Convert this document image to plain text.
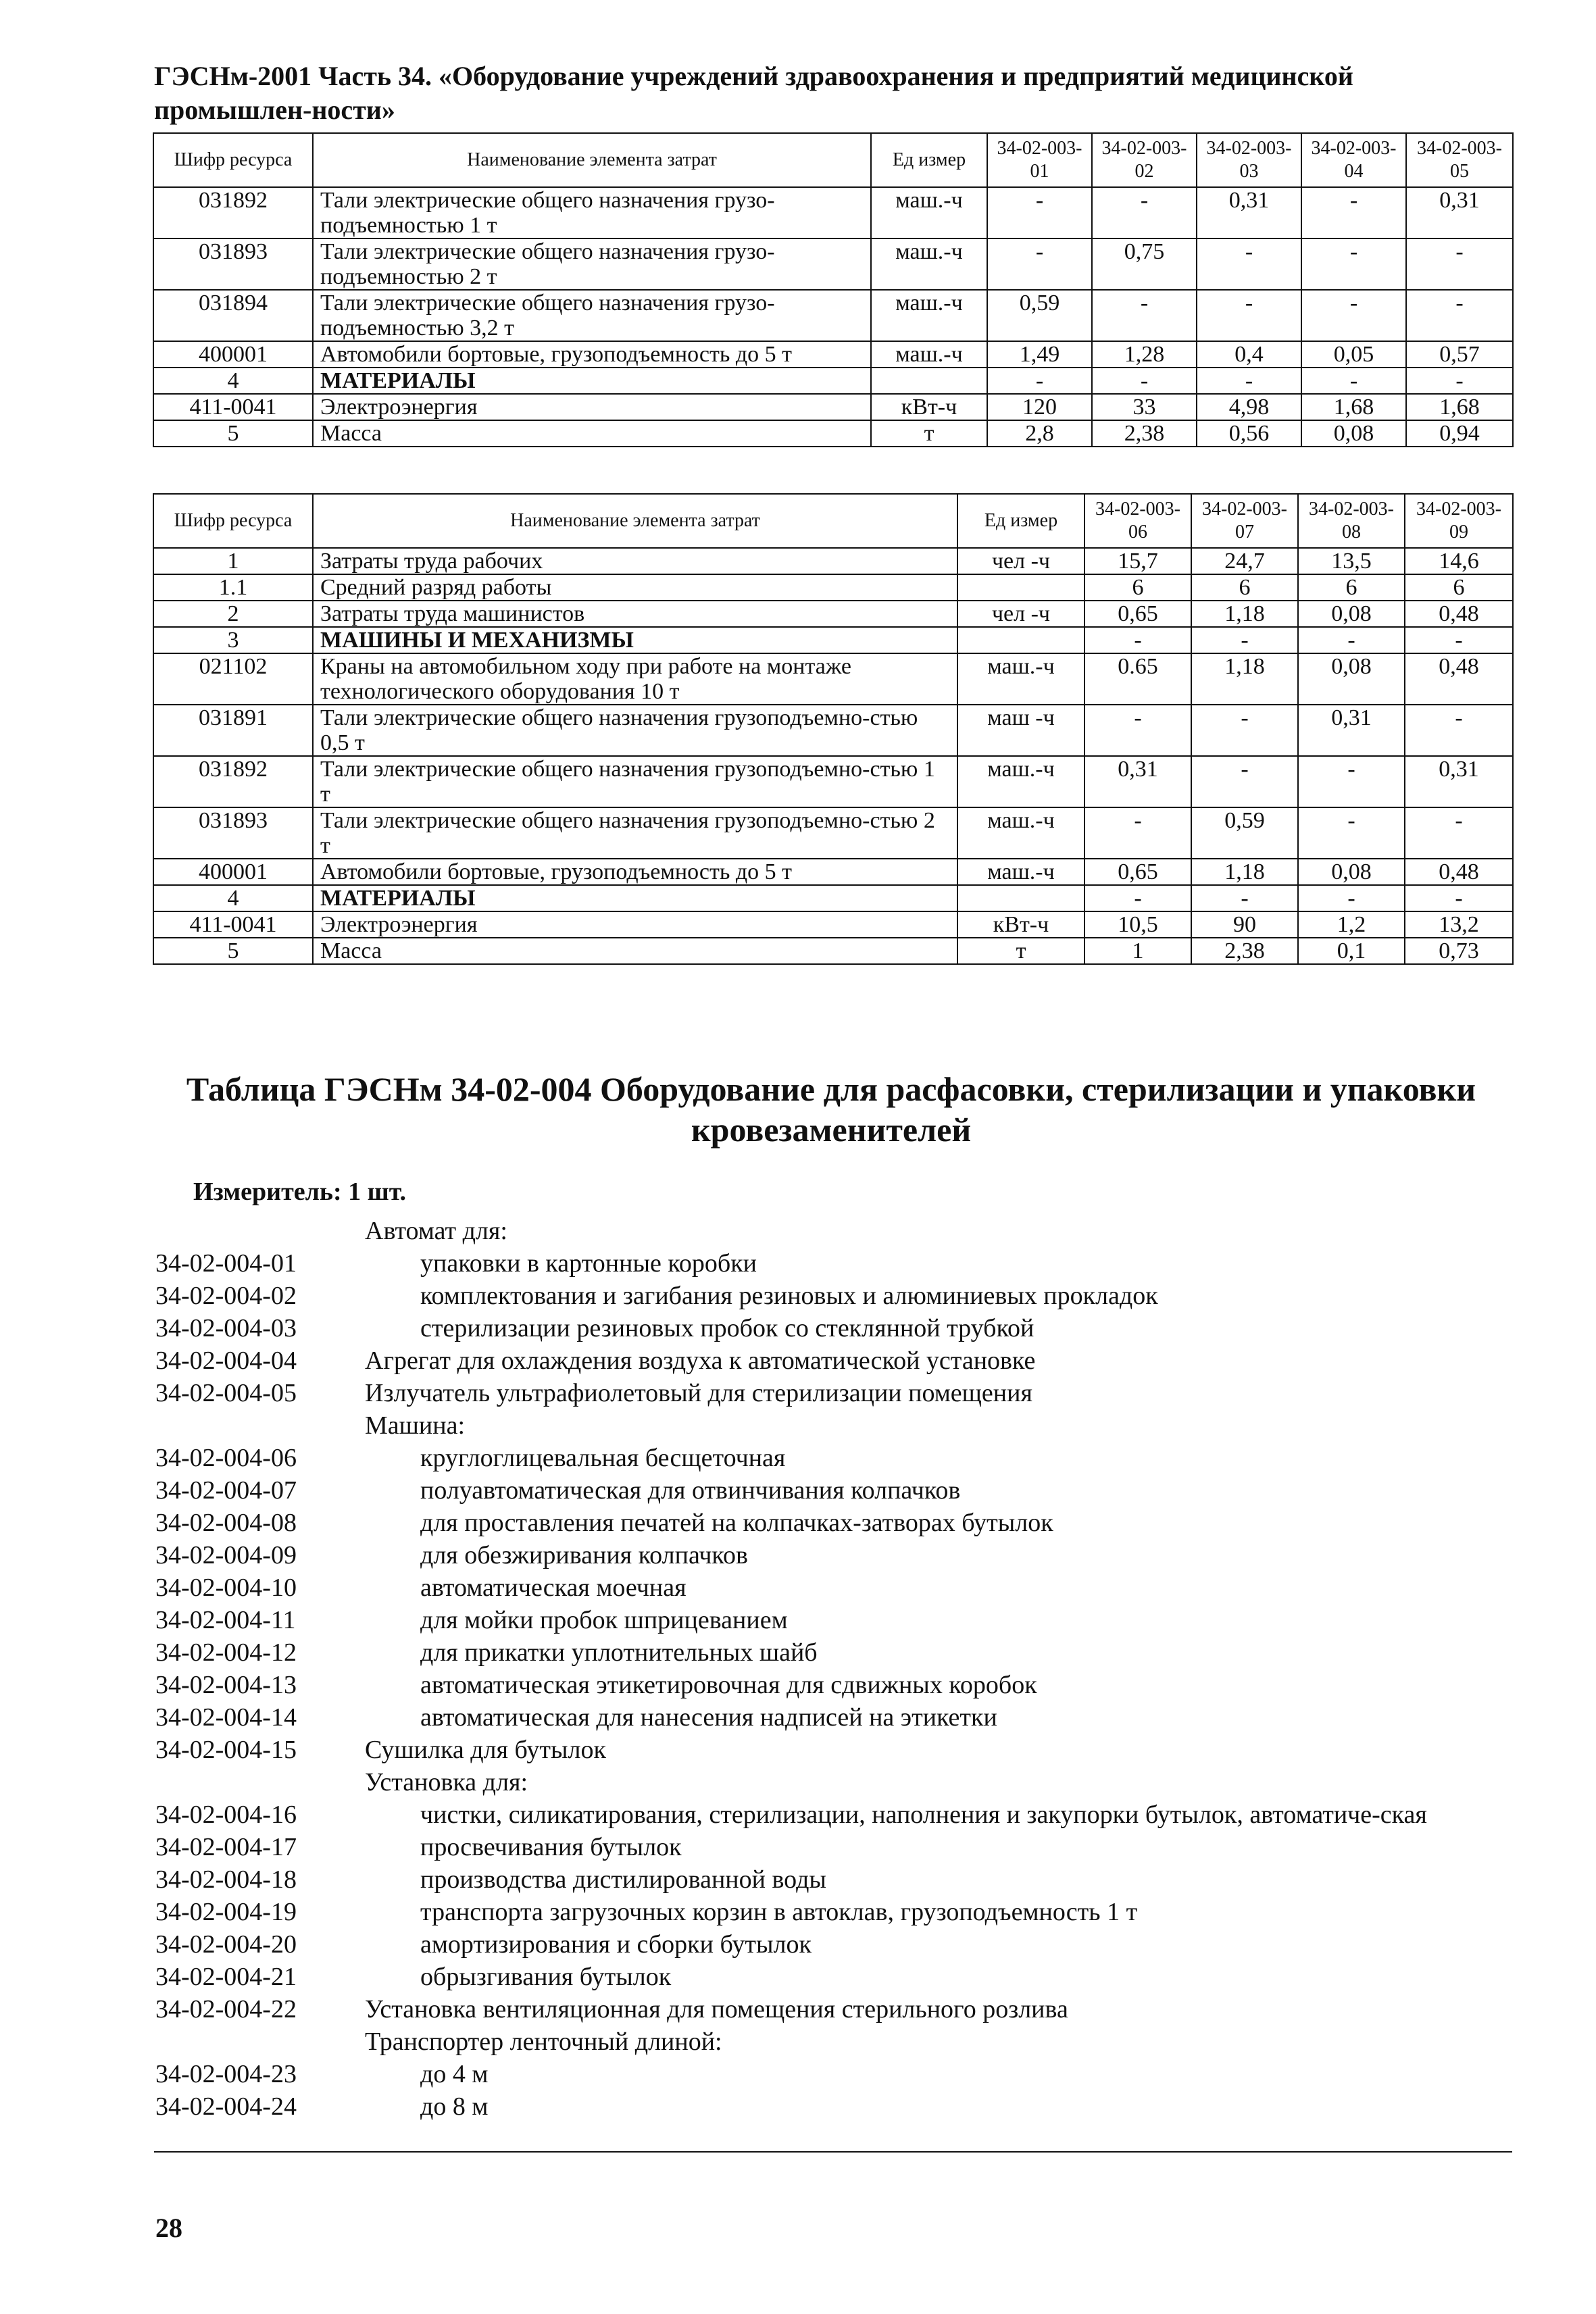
ГЭСНм-2001 Часть 34. «Оборудование учреждений здравоохранения и предприятий медицинской промышлен-ности»
Шифр ресурса	Наименование элемента затрат	Ед измер	34-02-003-01	34-02-003-02	34-02-003-03	34-02-003-04	34-02-003-05
031892	Тали электрические общего назначения грузо-подъемностью 1 т	маш.-ч	-	-	0,31	-	0,31
031893	Тали электрические общего назначения грузо-подъемностью 2 т	маш.-ч	-	0,75	-	-	-
031894	Тали электрические общего назначения грузо-подъемностью 3,2 т	маш.-ч	0,59	-	-	-	-
400001	Автомобили бортовые, грузоподъемность до 5 т	маш.-ч	1,49	1,28	0,4	0,05	0,57
4	МАТЕРИАЛЫ		-	-	-	-	-
411-0041	Электроэнергия	кВт-ч	120	33	4,98	1,68	1,68
5	Масса	т	2,8	2,38	0,56	0,08	0,94
Шифр ресурса	Наименование элемента затрат	Ед измер	34-02-003-06	34-02-003-07	34-02-003-08	34-02-003-09
1	Затраты труда рабочих	чел -ч	15,7	24,7	13,5	14,6
1.1	Средний разряд работы		6	6	6	6
2	Затраты труда машинистов	чел -ч	0,65	1,18	0,08	0,48
3	МАШИНЫ И МЕХАНИЗМЫ		-	-	-	-
021102	Краны на автомобильном ходу при работе на монтаже технологического оборудования 10 т	маш.-ч	0.65	1,18	0,08	0,48
031891	Тали электрические общего назначения грузоподъемно-стью 0,5 т	маш -ч	-	-	0,31	-
031892	Тали электрические общего назначения грузоподъемно-стью 1 т	маш.-ч	0,31	-	-	0,31
031893	Тали электрические общего назначения грузоподъемно-стью 2 т	маш.-ч	-	0,59	-	-
400001	Автомобили бортовые, грузоподъемность до 5 т	маш.-ч	0,65	1,18	0,08	0,48
4	МАТЕРИАЛЫ		-	-	-	-
411-0041	Электроэнергия	кВт-ч	10,5	90	1,2	13,2
5	Масса	т	1	2,38	0,1	0,73
Таблица ГЭСНм 34-02-004 Оборудование для расфасовки, стерилизации и упаковки кровезаменителей
Измеритель: 1 шт.
Автомат для:
34-02-004-01	упаковки в картонные коробки
34-02-004-02	комплектования и загибания резиновых и алюминиевых прокладок
34-02-004-03	стерилизации резиновых пробок со стеклянной трубкой
34-02-004-04	Агрегат для охлаждения воздуха к автоматической установке
34-02-004-05	Излучатель ультрафиолетовый для стерилизации помещения
Машина:
34-02-004-06	круглоглицевальная бесщеточная
34-02-004-07	полуавтоматическая для отвинчивания колпачков
34-02-004-08	для проставления печатей на колпачках-затворах бутылок
34-02-004-09	для обезжиривания колпачков
34-02-004-10	автоматическая моечная
34-02-004-11	для мойки пробок шприцеванием
34-02-004-12	для прикатки уплотнительных шайб
34-02-004-13	автоматическая этикетировочная для сдвижных коробок
34-02-004-14	автоматическая для нанесения надписей на этикетки
34-02-004-15	Сушилка для бутылок
Установка для:
34-02-004-16	чистки, силикатирования, стерилизации, наполнения и закупорки бутылок, автоматиче-ская
34-02-004-17	просвечивания бутылок
34-02-004-18	производства дистилированной воды
34-02-004-19	транспорта загрузочных корзин в автоклав, грузоподъемность 1 т
34-02-004-20	амортизирования и сборки бутылок
34-02-004-21	обрызгивания бутылок
34-02-004-22	Установка вентиляционная для помещения стерильного розлива
Транспортер ленточный длиной:
34-02-004-23	до 4 м
34-02-004-24	до 8 м
28
